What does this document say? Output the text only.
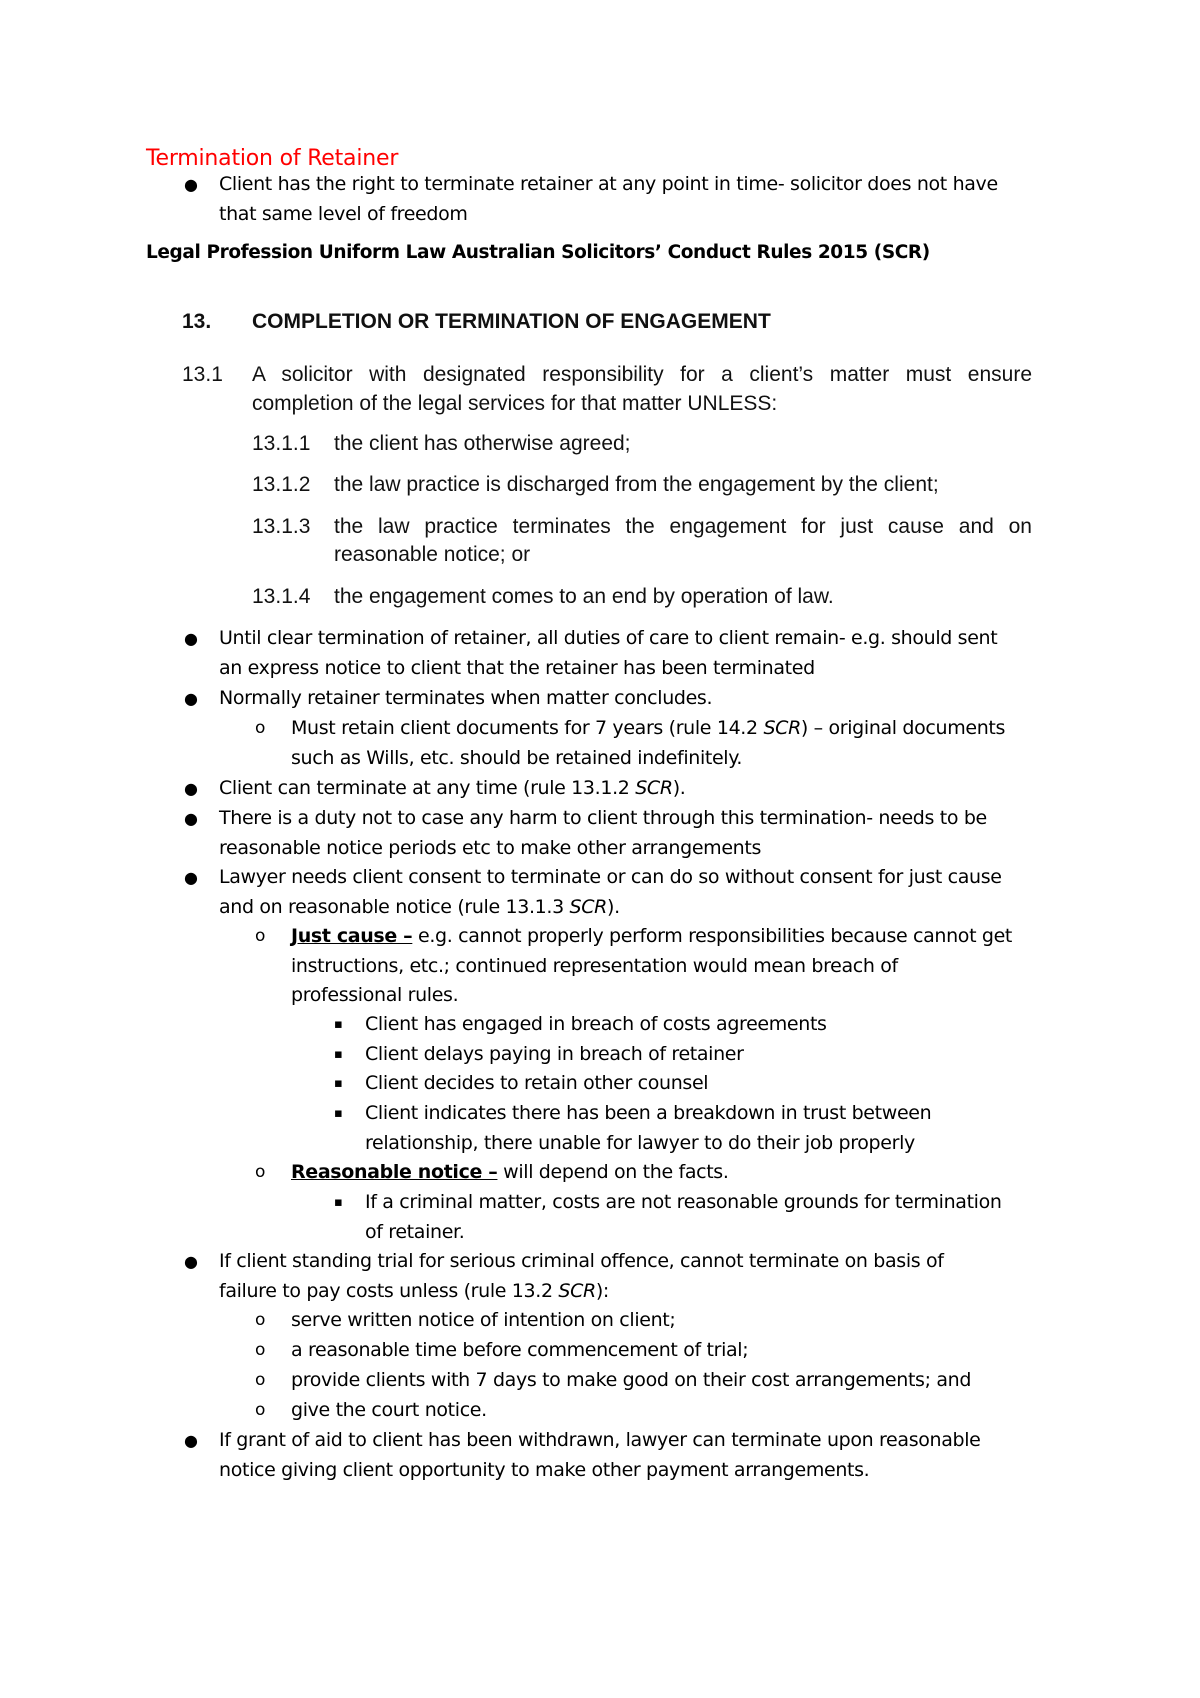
Termination of Retainer
● Client has the right to terminate retainer at any point in time- solicitor does not have
that same level of freedom
Legal Profession Uniform Law Australian Solicitors’ Conduct Rules 2015 (SCR)
13. COMPLETION OR TERMINATION OF ENGAGEMENT
13.1 A solicitor with designated responsibility for a client’s matter must ensure
completion of the legal services for that matter UNLESS:
13.1.1 the client has otherwise agreed;
13.1.2 the law practice is discharged from the engagement by the client;
13.1.3 the law practice terminates the engagement for just cause and on
reasonable notice; or
13.1.4 the engagement comes to an end by operation of law.
● Until clear termination of retainer, all duties of care to client remain- e.g. should sent
an express notice to client that the retainer has been terminated
● Normally retainer terminates when matter concludes.
o Must retain client documents for 7 years (rule 14.2 SCR) – original documents
such as Wills, etc. should be retained indefinitely.
● Client can terminate at any time (rule 13.1.2 SCR).
● There is a duty not to case any harm to client through this termination- needs to be
reasonable notice periods etc to make other arrangements
● Lawyer needs client consent to terminate or can do so without consent for just cause
and on reasonable notice (rule 13.1.3 SCR).
o Just cause – e.g. cannot properly perform responsibilities because cannot get
instructions, etc.; continued representation would mean breach of
professional rules.
▪ Client has engaged in breach of costs agreements
▪ Client delays paying in breach of retainer
▪ Client decides to retain other counsel
▪ Client indicates there has been a breakdown in trust between
relationship, there unable for lawyer to do their job properly
o Reasonable notice – will depend on the facts.
▪ If a criminal matter, costs are not reasonable grounds for termination
of retainer.
● If client standing trial for serious criminal offence, cannot terminate on basis of
failure to pay costs unless (rule 13.2 SCR):
o serve written notice of intention on client;
o a reasonable time before commencement of trial;
o provide clients with 7 days to make good on their cost arrangements; and
o give the court notice.
● If grant of aid to client has been withdrawn, lawyer can terminate upon reasonable
notice giving client opportunity to make other payment arrangements.
